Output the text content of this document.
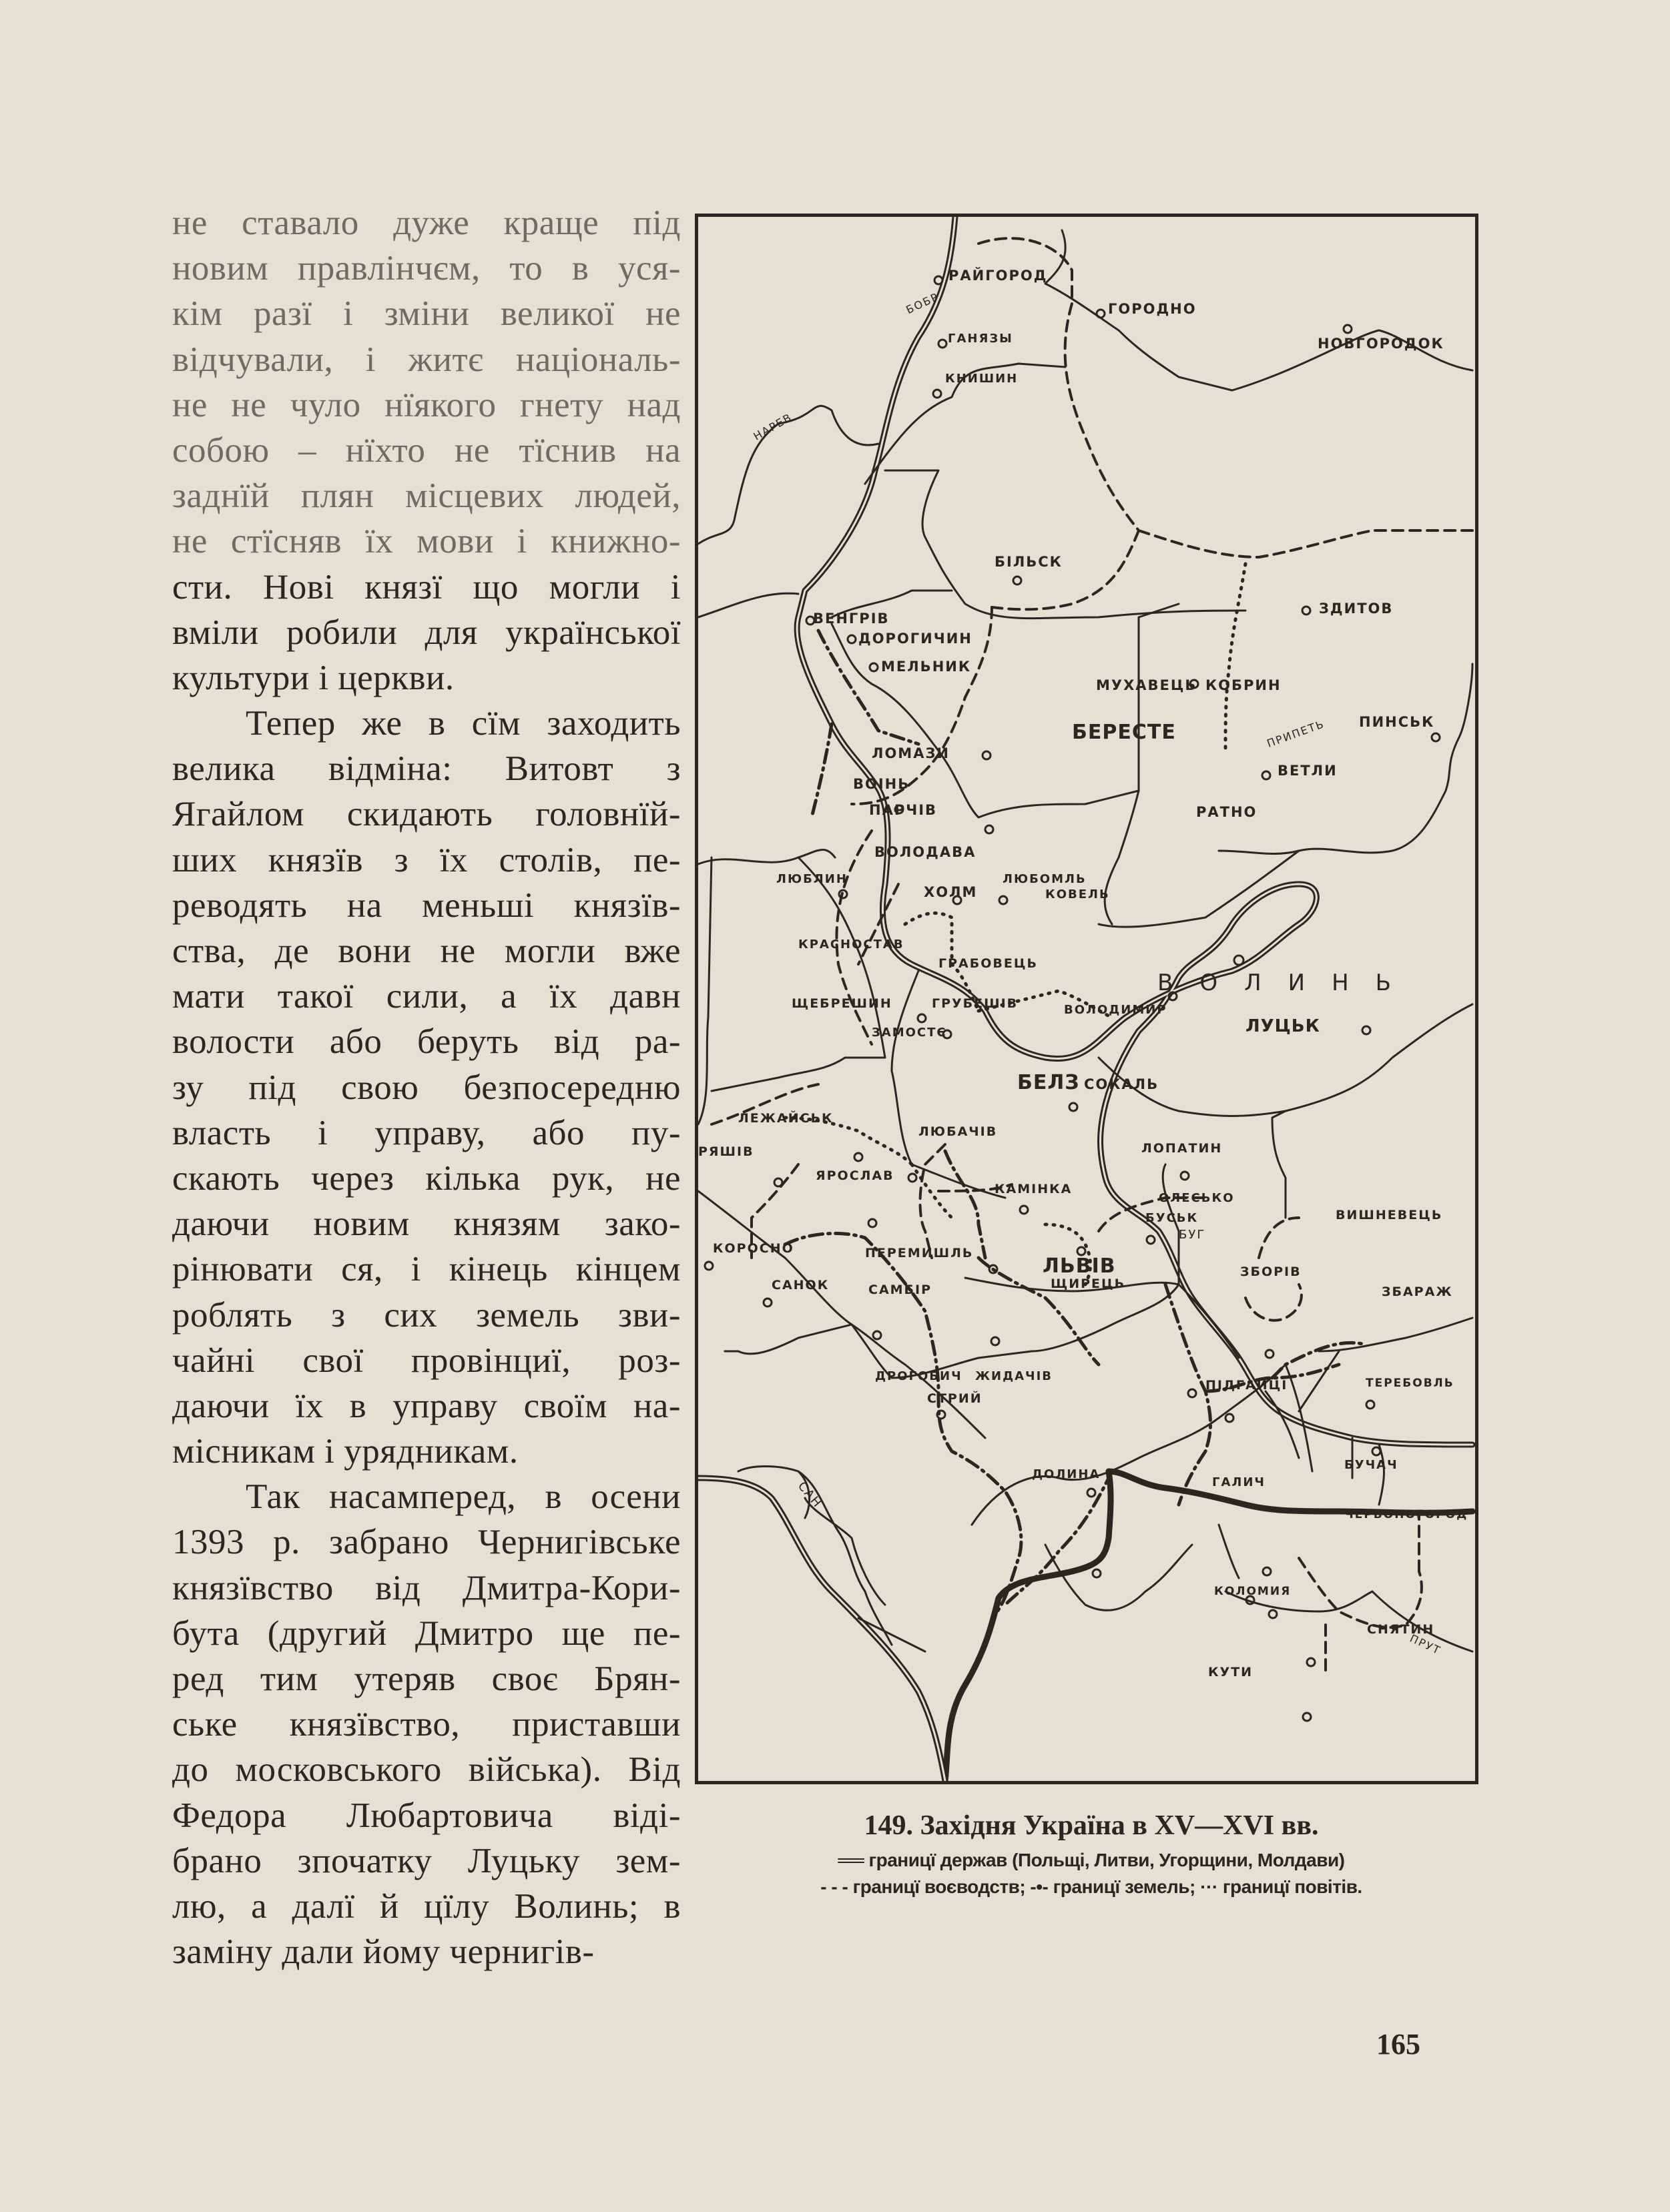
не ставало дуже краще під
новим правлінчєм, то в уся-
кім разї і зміни великої не
відчували, і житє національ-
не не чуло нїякого гнету над
собою – нїхто не тїснив на
заднїй плян місцевих людей,
не стїсняв їх мови і книжно-
сти. Нові князї що могли і
вміли робили для української
культури і церкви.
Тепер же в сїм заходить
велика відміна: Витовт з
Ягайлом скидають головнїй-
ших князїв з їх столів, пе-
реводять на меньші князїв-
ства, де вони не могли вже
мати такої сили, а їх давн
волости або беруть від ра-
зу під свою безпосередню
власть і управу, або пу-
скають через кілька рук, не
даючи новим князям зако-
рінювати ся, і кінець кінцем
роблять з сих земель зви-
чайні свої провінциї, роз-
даючи їх в управу своїм на-
місникам і урядникам.
Так насамперед, в осени
1393 р. забрано Чернигівське
князївство від Дмитра-Кори-
бута (другий Дмитро ще пе-
ред тим утеряв своє Брян-
ське князївство, приставши
до московського війська). Від
Федора Любартовича віді-
брано зпочатку Луцьку зем-
лю, а далї й цїлу Волинь; в
заміну дали йому чернигів-
РАЙГОРОД
ГОРОДНО
ГАНЯЗЫ
КНИШИН
НОВГОРОДОК
БІЛЬСК
ВЕНГРІВ
ДОРОГИЧИН
МЕЛЬНИК
ЗДИТОВ
МУХАВЕЦЬ КОБРИН
ПИНСЬК
БЕРЕСТЕ
ЛОМАЗИ
ВОІНЬ
ПАРЧІВ
ВЕТЛИ
РАТНО
ВОЛОДАВА
ЛЮБЛИН
ХОЛМ
ЛЮБОМЛЬ
КОВЕЛЬ
КРАСНОСТАВ
ГРАБОВЕЦЬ
ВОЛОДИМИР
ЛУЦЬК
ЩЕБРЕШИН	ГРУБЕШІВ
ЗАМОСТЄ
БЕЛЗ СОКАЛЬ
ЛЕЖАЙСЬК
ЛЮБАЧІВ
РЯШІВ
ЯРОСЛАВ
ЛОПАТИН
КАМІНКА
ОЛЕСЬКО
БУСЬК
КОРОСНО	ПЕРЕМИШЛЬ
ЛЬВІВ
ВИШНЕВЕЦЬ
САНОК	САМБІР	ЩИРЕЦЬ
ЗБОРІВ
ЗБАРАЖ
ДРОГОБИЧ ЖИДАЧІВ
СТРИЙ
ПІДГАЙЦІ	ТЕРЕБОВЛЬ
ДОЛИНА
ГАЛИЧ
БУЧАЧ
ЧЕРВОНОГОРОД
КОЛОМИЯ
СНЯТИН
КУТИ
БОБР
НАРЕВ
ПРИПЕТЬ
БУГ
САН
ПРУТ
ВОЛИНЬ
149. Західня Україна в XV—XVI вв.
══ границї держав (Польщі, Литви, Угорщини, Молдави)
- - - границї воєводств; -•- границї земель; ··· границї повітів.
165
